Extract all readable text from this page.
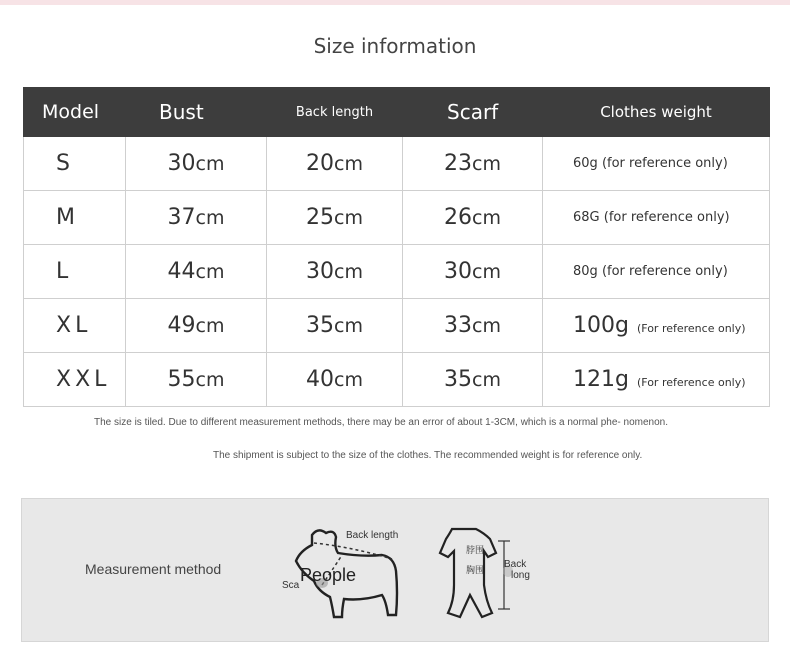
Size information
Model	Bust	Back length	Scarf	Clothes weight
S	30cm	20cm	23cm	60g (for reference only)
M	37cm	25cm	26cm	68G (for reference only)
L	44cm	30cm	30cm	80g (for reference only)
XL	49cm	35cm	33cm	100g (For reference only)
XXL	55cm	40cm	35cm	121g (For reference only)
The size is tiled. Due to different measurement methods, there may be an error of about 1-3CM, which is a normal phe- nomenon.
The shipment is subject to the size of the clothes. The recommended weight is for reference only.
Measurement method
Back length
People
Sca
脖围
胸围 Back
long
